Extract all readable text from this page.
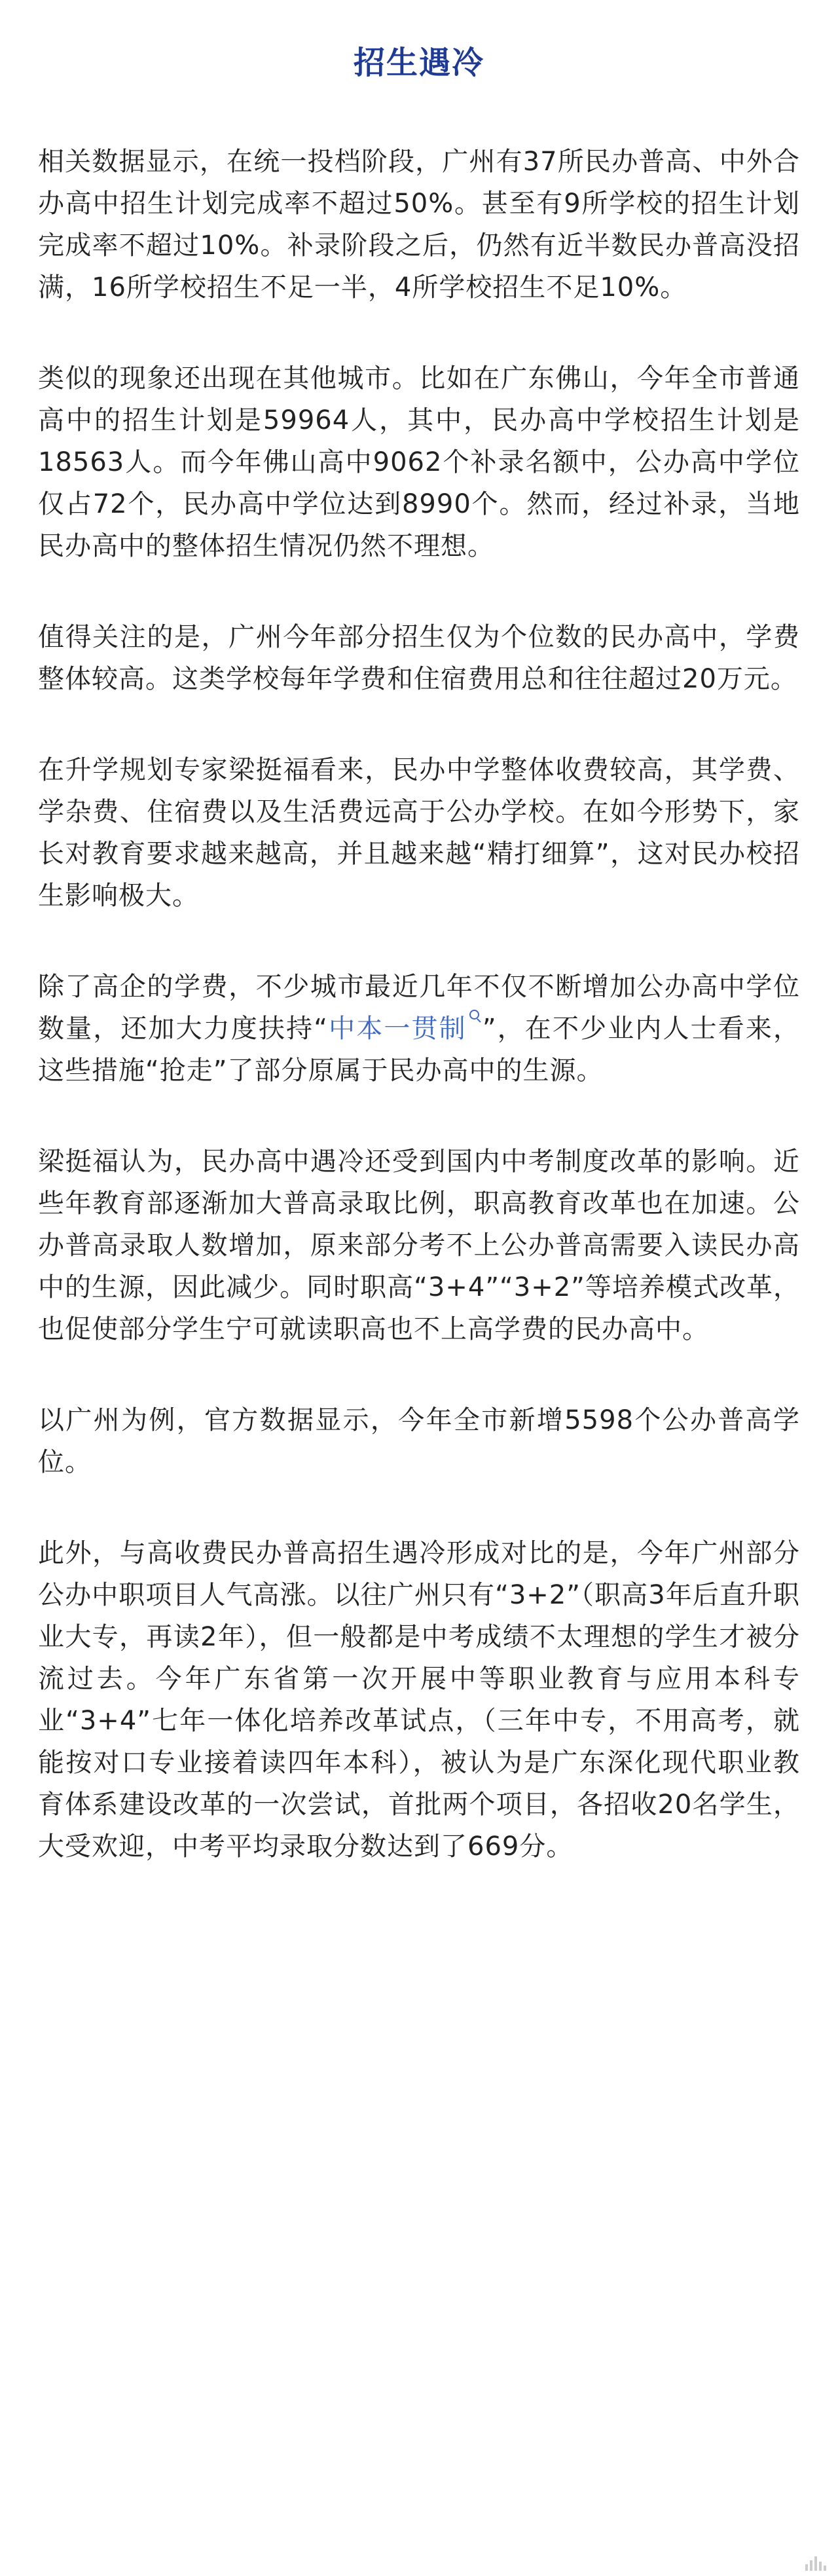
招生遇冷

相关数据显示，在统一投档阶段，广州有37所民办普高、中外合办高中招生计划完成率不超过50%。甚至有9所学校的招生计划完成率不超过10%。补录阶段之后，仍然有近半数民办普高没招满，16所学校招生不足一半，4所学校招生不足10%。

类似的现象还出现在其他城市。比如在广东佛山，今年全市普通高中的招生计划是59964人，其中，民办高中学校招生计划是18563人。而今年佛山高中9062个补录名额中，公办高中学位仅占72个，民办高中学位达到8990个。然而，经过补录，当地民办高中的整体招生情况仍然不理想。

值得关注的是，广州今年部分招生仅为个位数的民办高中，学费整体较高。这类学校每年学费和住宿费用总和往往超过20万元。

在升学规划专家梁挺福看来，民办中学整体收费较高，其学费、学杂费、住宿费以及生活费远高于公办学校。在如今形势下，家长对教育要求越来越高，并且越来越“精打细算”，这对民办校招生影响极大。

除了高企的学费，不少城市最近几年不仅不断增加公办高中学位数量，还加大力度扶持“中本一贯制 ”，在不少业内人士看来，这些措施“抢走”了部分原属于民办高中的生源。

梁挺福认为，民办高中遇冷还受到国内中考制度改革的影响。近些年教育部逐渐加大普高录取比例，职高教育改革也在加速。公办普高录取人数增加，原来部分考不上公办普高需要入读民办高中的生源，因此减少。同时职高“3+4”“3+2”等培养模式改革，也促使部分学生宁可就读职高也不上高学费的民办高中。

以广州为例，官方数据显示，今年全市新增5598个公办普高学位。

此外，与高收费民办普高招生遇冷形成对比的是，今年广州部分公办中职项目人气高涨。以往广州只有“3+2”（职高3年后直升职业大专，再读2年），但一般都是中考成绩不太理想的学生才被分流过去。今年广东省第一次开展中等职业教育与应用本科专业“3+4”七年一体化培养改革试点，（三年中专，不用高考，就能按对口专业接着读四年本科），被认为是广东深化现代职业教育体系建设改革的一次尝试，首批两个项目，各招收20名学生，大受欢迎，中考平均录取分数达到了669分。
